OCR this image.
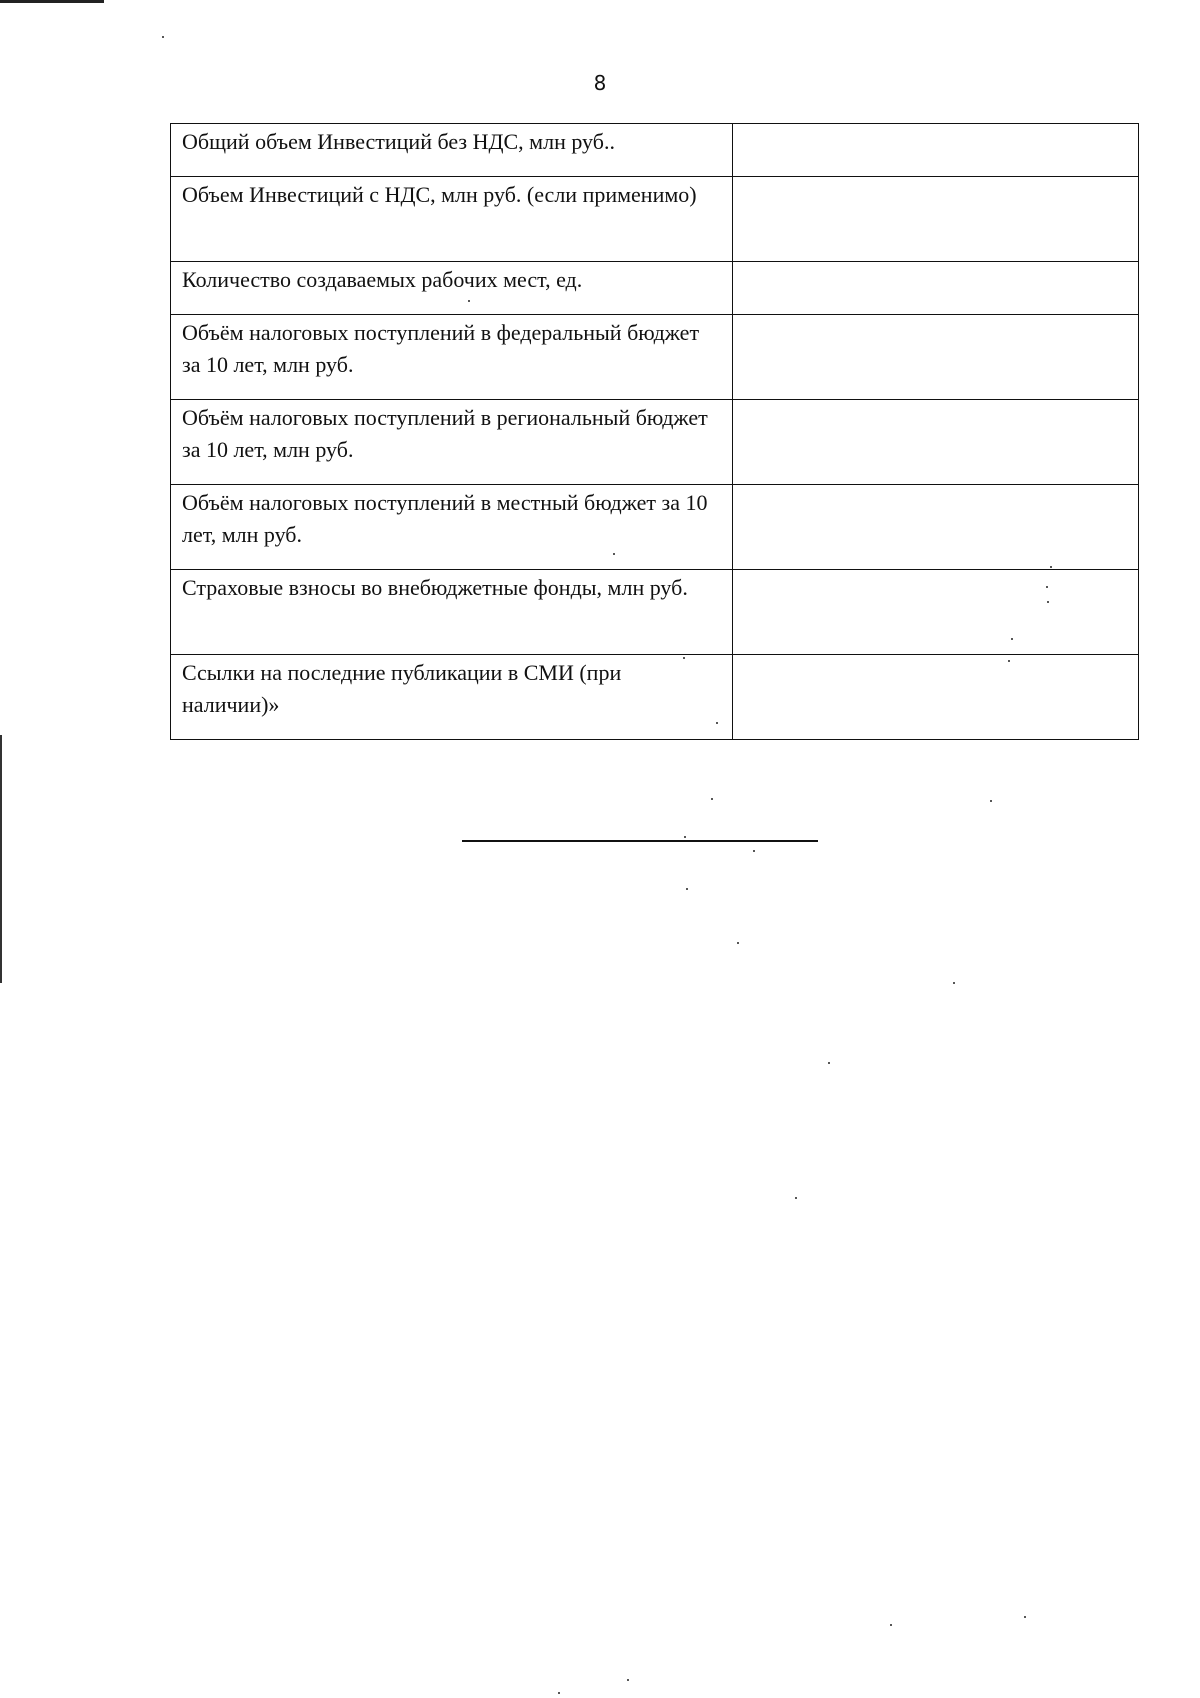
8
Общий объем Инвестиций без НДС, млн руб..	
Объем Инвестиций с НДС, млн руб. (если применимо)	
Количество создаваемых рабочих мест, ед.	
Объём налоговых поступлений в федеральный бюджет за 10 лет, млн руб.	
Объём налоговых поступлений в региональный бюджет за 10 лет, млн руб.	
Объём налоговых поступлений в местный бюджет за 10 лет, млн руб.	
Страховые взносы во внебюджетные фонды, млн руб.	
Ссылки на последние публикации в СМИ (при наличии)»	
